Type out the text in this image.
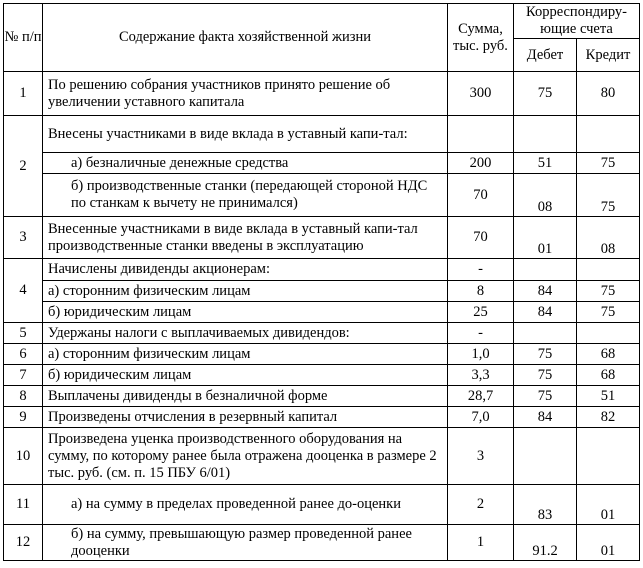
№ п/п	Содержание факта хозяйственной жизни	Сумма, тыс. руб.	Корреспондиру-ющие счета	
			Дебет	Кредит
1	По решению собрания участников принято решение об увеличении уставного капитала	300	75	80
2	Внесены участниками в виде вклада в уставный капи-тал:			
	а) безналичные денежные средства	200	51	75
	б) производственные станки (передающей стороной НДС по станкам к вычету не принимался)	70	08	75
3	Внесенные участниками в виде вклада в уставный капи-тал производственные станки введены в эксплуатацию	70	01	08
4	Начислены дивиденды акционерам:	-		
	а) сторонним физическим лицам	8	84	75
	б) юридическим лицам	25	84	75
5	Удержаны налоги с выплачиваемых дивидендов:	-		
6	а) сторонним физическим лицам	1,0	75	68
7	б) юридическим лицам	3,3	75	68
8	Выплачены дивиденды в безналичной форме	28,7	75	51
9	Произведены отчисления в резервный капитал	7,0	84	82
10	Произведена уценка производственного оборудования на сумму, по которому ранее была отражена дооценка в размере 2 тыс. руб. (см. п. 15 ПБУ 6/01)	3		
11	а) на сумму в пределах проведенной ранее до-оценки	2	83	01
12	б) на сумму, превышающую размер проведенной ранее дооценки	1	91.2	01
